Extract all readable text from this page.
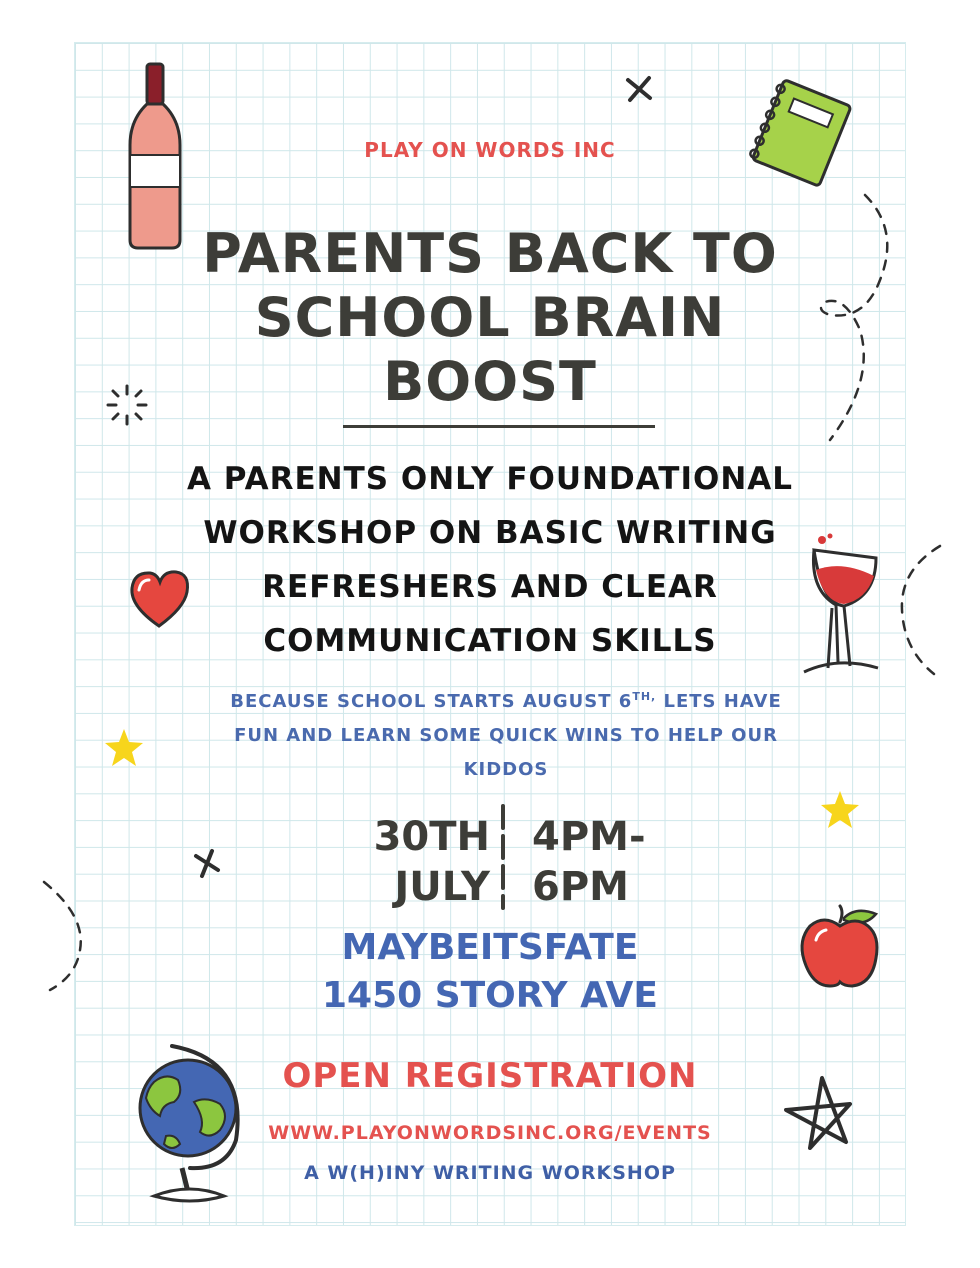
PLAY ON WORDS INC

PARENTS BACK TO
SCHOOL BRAIN
BOOST

A PARENTS ONLY FOUNDATIONAL
WORKSHOP ON BASIC WRITING
REFRESHERS AND CLEAR
COMMUNICATION SKILLS

BECAUSE SCHOOL STARTS AUGUST $6^{TH,}$ LETS HAVE FUN AND LEARN SOME QUICK WINS TO HELP OUR KIDDOS

30TH
JULY

4PM-
6PM

MAYBEITSFATE
1450 STORY AVE

OPEN REGISTRATION

WWW.PLAYONWORDSINC.ORG/EVENTS

A W(H)INY WRITING WORKSHOP
